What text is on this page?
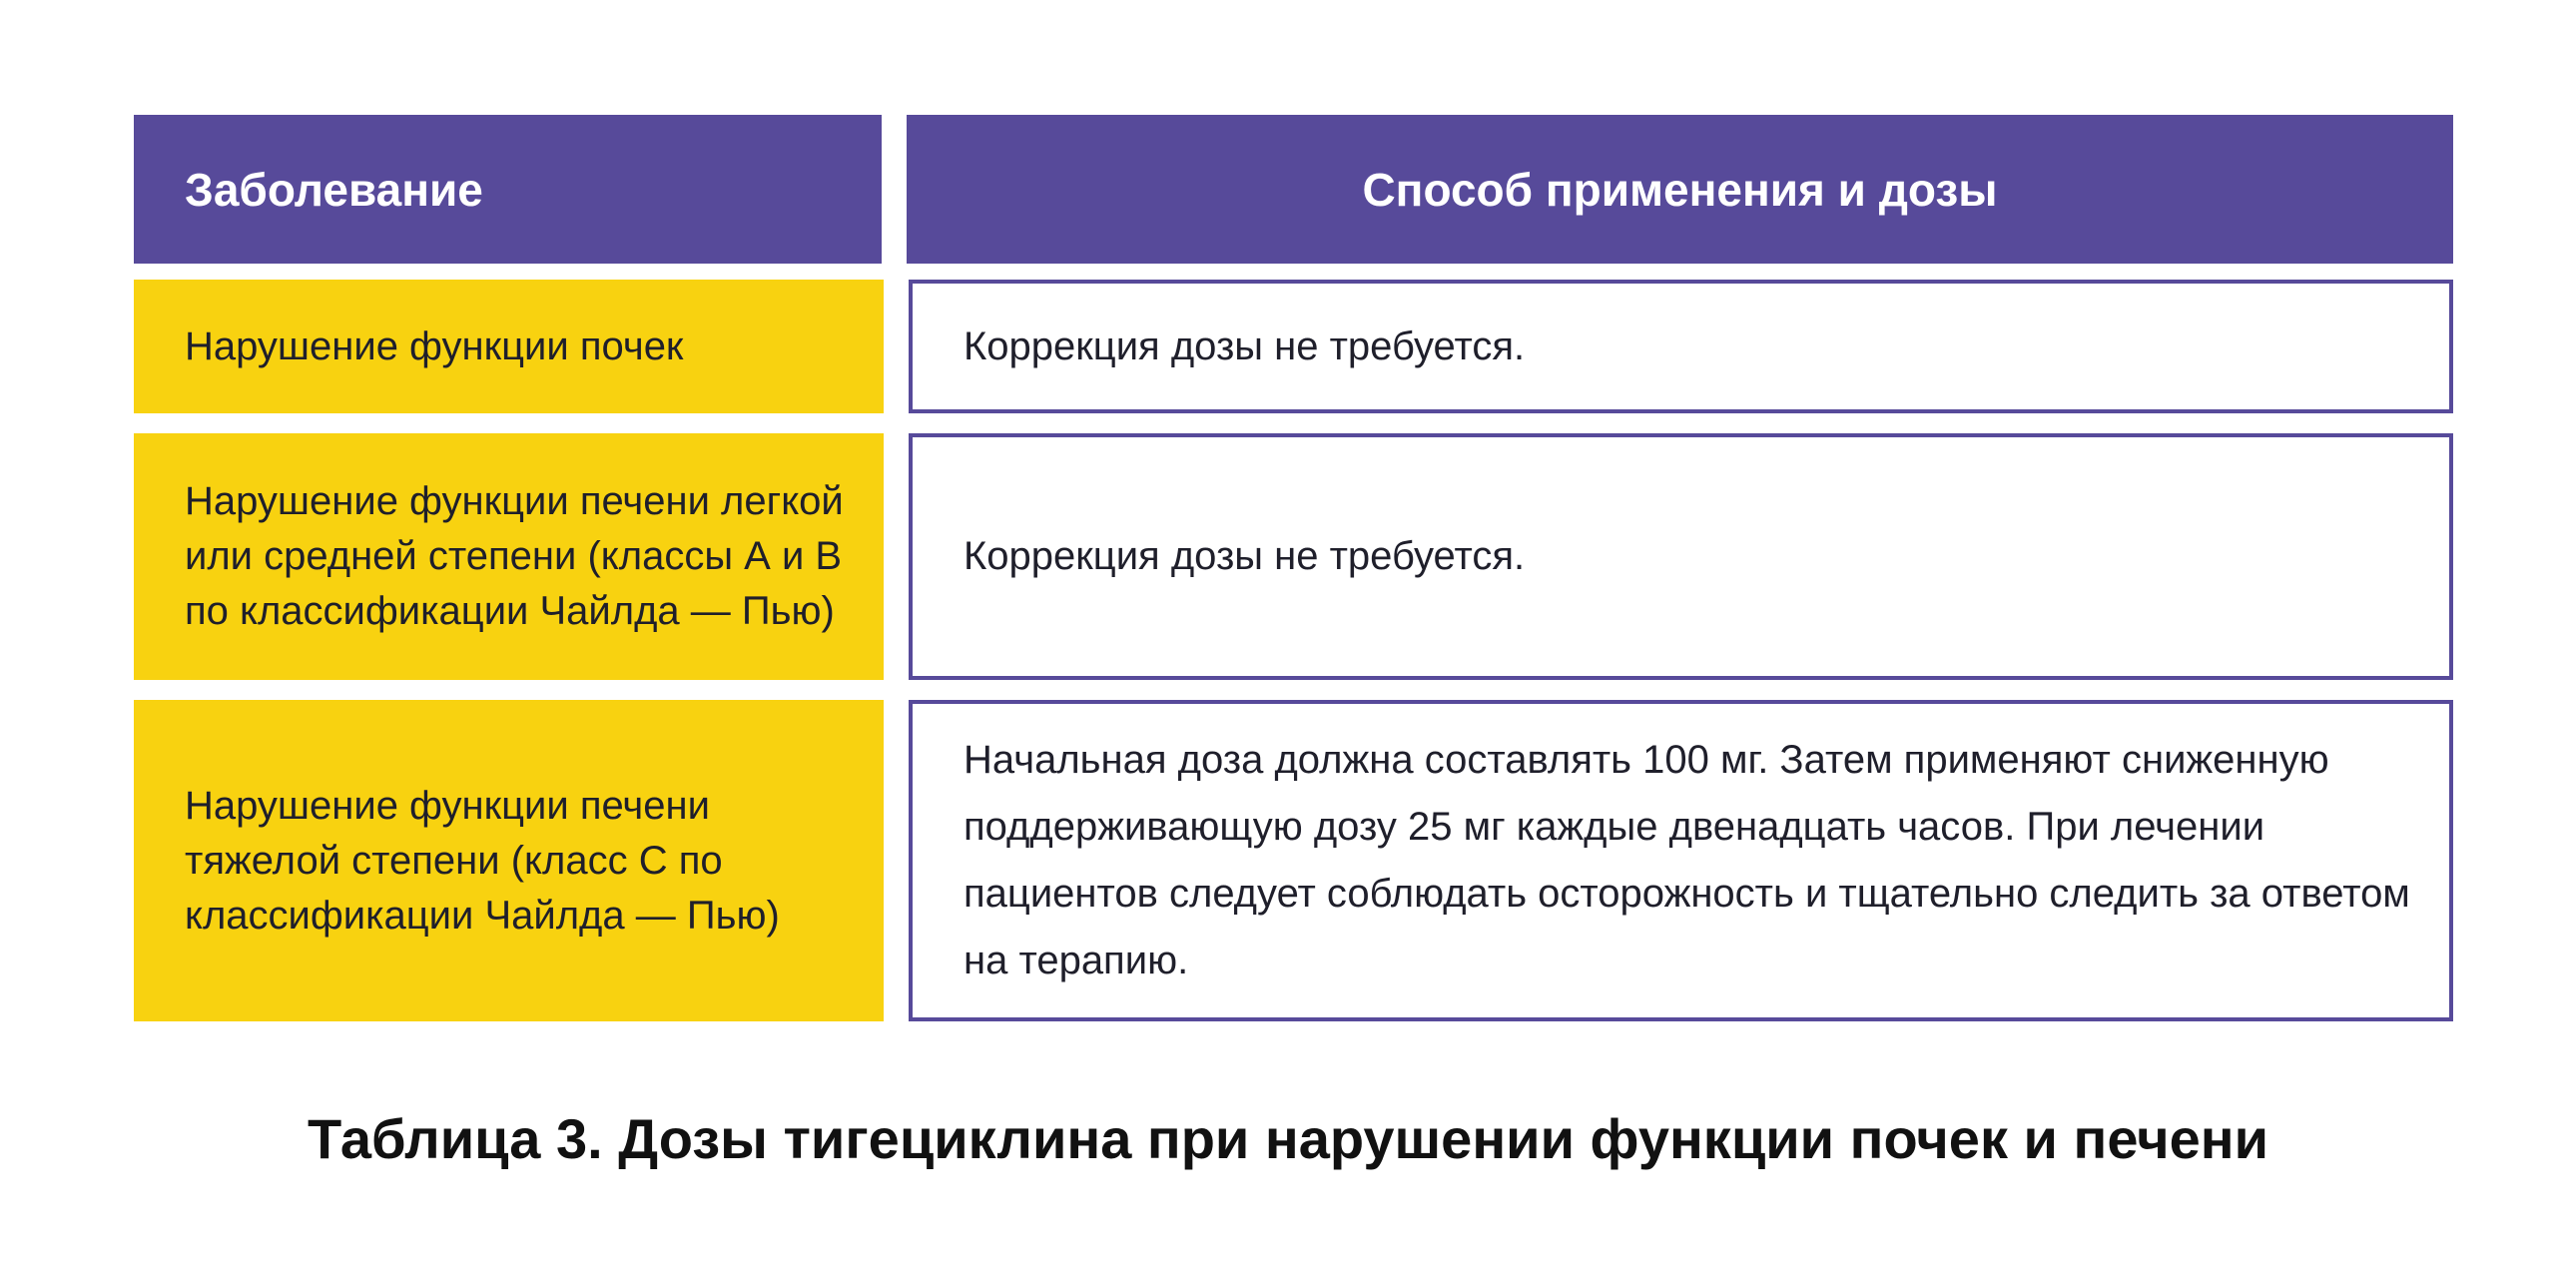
Заболевание	Способ применения и дозы
Нарушение функции почек	Коррекция дозы не требуется.
Нарушение функции печени легкой или средней степени (классы А и В по классификации Чайлда — Пью)
Коррекция дозы не требуется.
Нарушение функции печени тяжелой степени (класс С по классификации Чайлда — Пью)
Начальная доза должна составлять 100 мг. Затем применяют сниженную поддерживающую дозу 25 мг каждые двенадцать часов. При лечении пациентов следует соблюдать осторожность и тщательно следить за ответом на терапию.
Таблица 3. Дозы тигециклина при нарушении функции почек и печени
